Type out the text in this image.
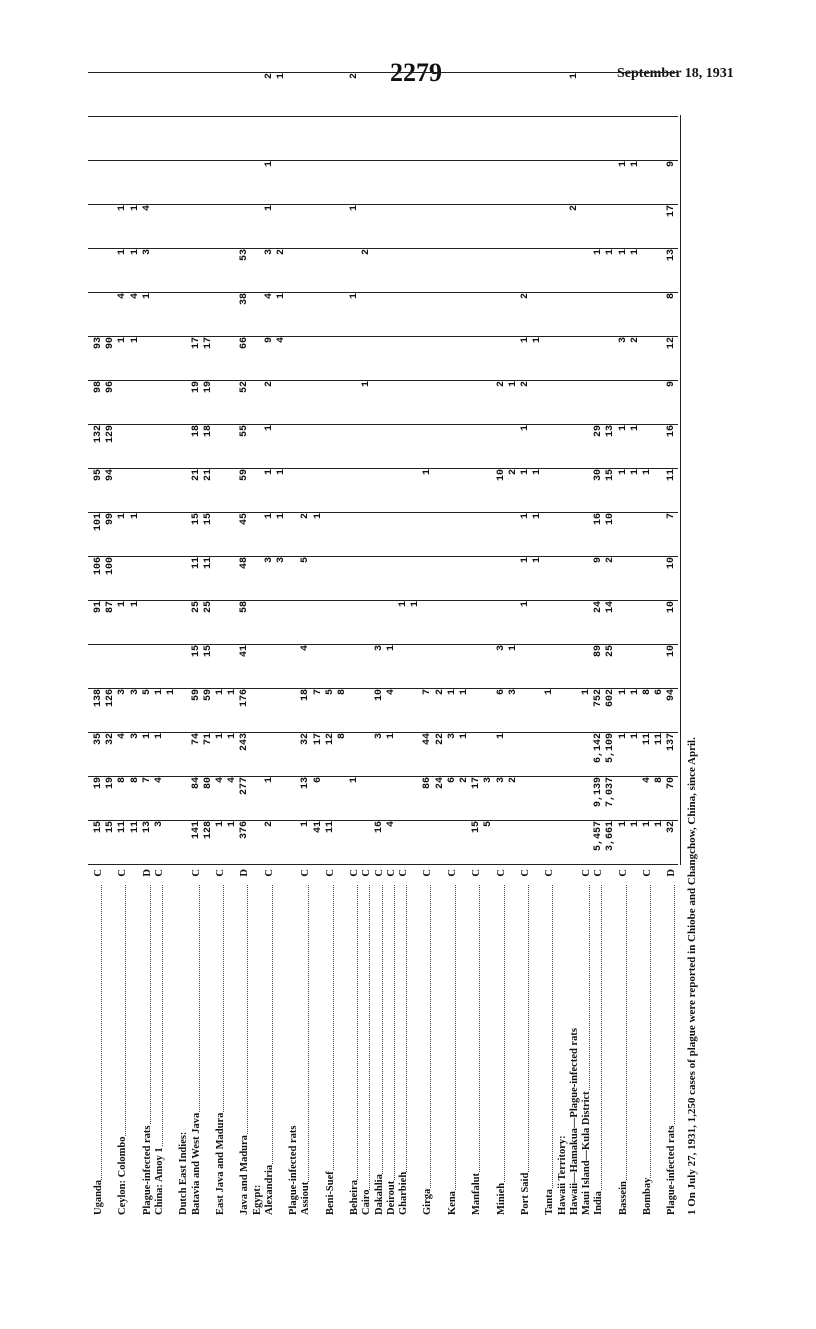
2279	September 18, 1931
1 On July 27, 1931, 1,250 cases of plague were reported in Chiobe and Changchow, China, since April.
Uganda
C
15
19
35
138
91
106
101
95
132
98
93
15
19
32
126
87
100
99
94
129
96
90
Ceylon: Colombo
C
11
8
4
3
1
1
1
4
1
1
11
8
3
3
1
1
1
4
1
1
Plague-infected rats
D
13
7
1
5
1
3
4
China: Amoy 1
C
3
4
1
1 1
Dutch East Indies: Batavia and West Java
C
141
84
74
59
15
25
11
15
21
18
19
17
128
80
71
59
15
25
11
15
21
18
19
17
East Java and Madura
C
1
4
1
1
1
4
1
1
Java and Madura
D
376
277
243
176
41
58
48
45
59
55
52
66
38
53
Egypt: Alexandria
C
2
1
3
1
1
1
2
9
4
3
1
1
2
3
1
1
4
1
2
1
Plague-infected rats Assiout
C
1
13
32
18
4
5
2
41
6
17
7
1
Beni-Suef
C
11
12
5
8
8
Beheira
C
1
1
1
2
Cairo
C
1
2
Dakahlia
C
16
3
10
3
Deirout
C
4
1
4
1
Gharbieh
C
1 1
Girga
C
86
44
7
1
24
22
2
Kena
C
6
3
1
2
1
1
Manfalut
C
15
17
5
3
Minieh
C
3
1
6
3
10
2
2
3
1
2
1
Port Said
C
1
1
1
1
1
2
1
2
1
1
1
1
Tanta
C
1
Hawaii Territory: Hawaii—Hamakua—Plague-infected rats
2
1
Maui Island—Kula District
C
1
India
C
5,457
9,139
6,142
752
89
24
9
16
30
29
1
3,661
7,037
5,109
602
25
14
2
10
15
13
1
Bassein
C
1
1
1
1
1
3
1
1
1
1
1
1
1
2
1
1
Bombay
C
1
4
11
8
1
1
8
11
6
Plague-infected rats
D
32
70
137
94
10
10
10
7
11
16
9
12
8
13
17
9
